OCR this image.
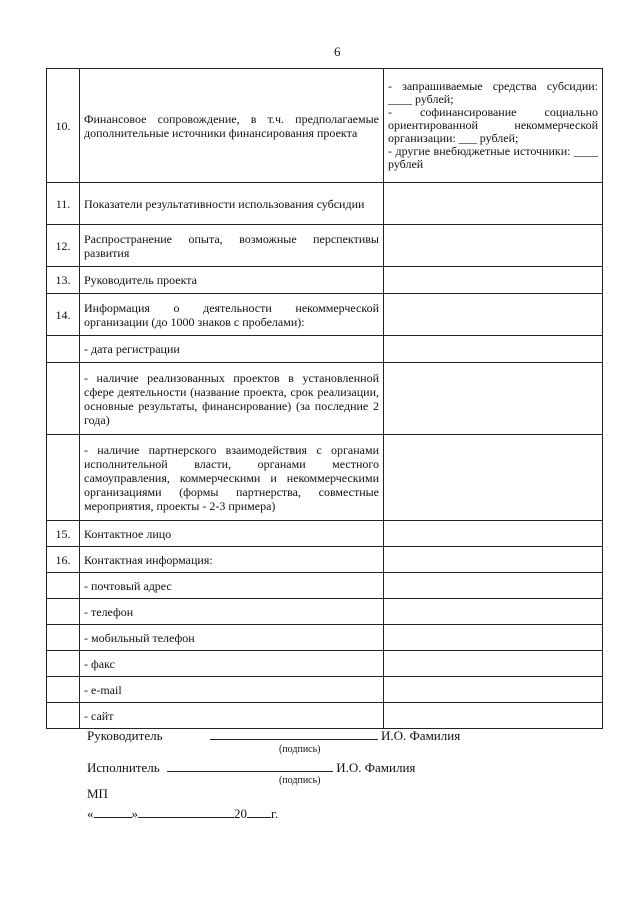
6
10.	Финансовое сопровождение, в т.ч. предполагаемые дополнительные источники финансирования проекта	- запрашиваемые средства субсидии: ____ рублей;
- софинансирование социально ориентированной некоммерческой организации: ___ рублей;
- другие внебюджетные источники: ____ рублей

11.	Показатели результативности использования субсидии	
12.	Распространение опыта, возможные перспективы развития	
13.	Руководитель проекта	
14.	Информация о деятельности некоммерческой организации (до 1000 знаков с пробелами):	
	- дата регистрации	
	- наличие реализованных проектов в установленной сфере деятельности (название проекта, срок реализации, основные результаты, финансирование) (за последние 2 года)	
	- наличие партнерского взаимодействия с органами исполнительной власти, органами местного самоуправления, коммерческими и некоммерческими организациями (формы партнерства, совместные мероприятия, проекты - 2-3 примера)	
15.	Контактное лицо	
16.	Контактная информация:	
	- почтовый адрес	
	- телефон	
	- мобильный телефон	
	- факс	
	- e-mail	
	- сайт	
Руководитель	И.О. Фамилия
(подпись)
Исполнитель	И.О. Фамилия
(подпись)
МП
«	»	20 г.
